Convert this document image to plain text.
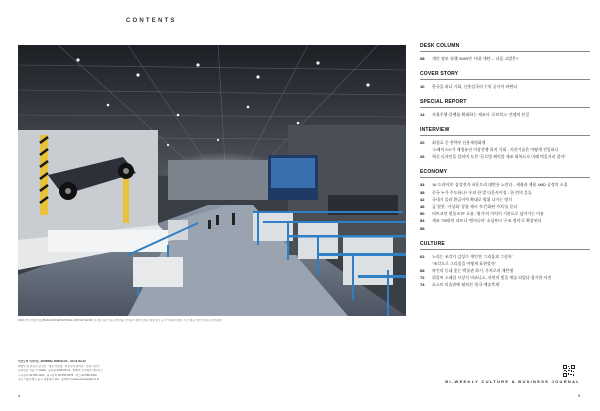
CONTENTS
2026 부산국제모터쇼(BUSAN INTERNATIONAL MOTOR SHOW) 전시장 내부 모습. 관람객을 맞이하기 위한 조명과 대형 전시 공간이 펼쳐져 있다. 사진 제공: 부산모터쇼 조직위원회
이코노미 인사이트 JOURNAL 2026.01.01 ~ 03.14 Vol.43
발행인 겸 편집인 김진호 · 대표 이한경 · 편집국장 최기환 · 편집 이상수
등록번호 서울 다 10426 · 등록일 2009.05.12 · 발행처 주식회사 에디터스
구독문의 02-555-1234 · 광고문의 02-555-5678 · 팩스 02-555-0000
주소 서울특별시 중구 세종대로 110 · 홈페이지 www.econinsight.co.kr
4	5
DESK COLUMN
08	개인 정보 '유출 5000만 시대' 개탄… 다음 고발은?
COVER STORY
10	한국을 떠나 기회, 신흥강국의 수익 공식이 바뀐다
SPECIAL REPORT
14	자율주행·플랫폼 확대하는 제조사 '로보틱스' 전쟁의 본질
INTERVIEW
20	최성호 중 전략부 신용재정화형
'스페이스X'가 재정유산 이상전쟁 하지 기회 - 지산기술은 어떻게 진입하나
26	혁신 디자인을 입히며 도전 "글로벌 레이블 제조 회복으로 미래 먹을거리 찾자"
ECONOMY
34	'AI 드라이브' 삼성전자 파운드리 대반등 노린다 - 세율과 제품 4MD 공정의 소집
38	중국 누가 주도하나? 우리 한 발 다운사이징 - 한 번의 흔들
42	국내기 플러 환급이력 확대로 방위 나가는 방식
46	금 열풍, '가상화' 상품 제시 '토큰화된 가치'를 묻다
50	비트코인 현물 ETF 흐름, '월가'의 이익이 기관으로 넘어가는 이유
54	색조 '70배'의 파트너 '엔비디아' 소싱부터 '구조 정의'로 확장된다
58
CULTURE
62	노리는 조각가 김성수 개인전 '그리움과 그림자'
"조각으로 그리움을 어떻게 표현할까"
68	차인의 동네 꽃는 박물관 하기, 가치로의 재탄생
72	위플씨 스페셜 시상식 비즈니스, 자연의 빛을 예술 되었다 참가한 사진
74	포스트 미술관에 펼쳐진 '한국 예술축제'
BI-WEEKLY CULTURE & BUSINESS JOURNAL
